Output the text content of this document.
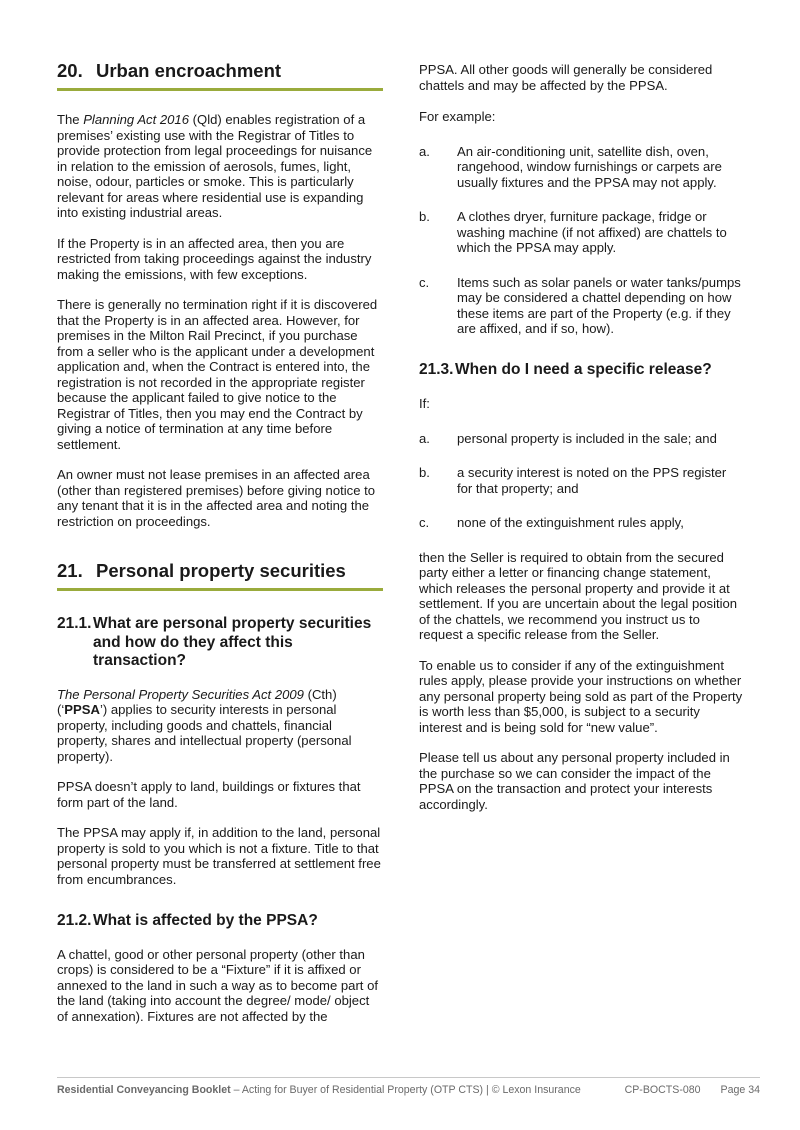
20. Urban encroachment

The Planning Act 2016 (Qld) enables registration of a premises’ existing use with the Registrar of Titles to provide protection from legal proceedings for nuisance in relation to the emission of aerosols, fumes, light, noise, odour, particles or smoke. This is particularly relevant for areas where residential use is expanding into existing industrial areas.

If the Property is in an affected area, then you are restricted from taking proceedings against the industry making the emissions, with few exceptions.

There is generally no termination right if it is discovered that the Property is in an affected area. However, for premises in the Milton Rail Precinct, if you purchase from a seller who is the applicant under a development application and, when the Contract is entered into, the registration is not recorded in the appropriate register because the applicant failed to give notice to the Registrar of Titles, then you may end the Contract by giving a notice of termination at any time before settlement.

An owner must not lease premises in an affected area (other than registered premises) before giving notice to any tenant that it is in the affected area and noting the restriction on proceedings.

21. Personal property securities
21.1. What are personal property securities and how do they affect this transaction?

The Personal Property Securities Act 2009 (Cth) (‘PPSA’) applies to security interests in personal property, including goods and chattels, financial property, shares and intellectual property (personal property).

PPSA doesn’t apply to land, buildings or fixtures that form part of the land.

The PPSA may apply if, in addition to the land, personal property is sold to you which is not a fixture. Title to that personal property must be transferred at settlement free from encumbrances.

21.2. What is affected by the PPSA?

A chattel, good or other personal property (other than crops) is considered to be a “Fixture” if it is affixed or annexed to the land in such a way as to become part of the land (taking into account the degree/ mode/ object of annexation). Fixtures are not affected by the

PPSA. All other goods will generally be considered chattels and may be affected by the PPSA.

For example:

a.	An air-conditioning unit, satellite dish, oven, rangehood, window furnishings or carpets are usually fixtures and the PPSA may not apply.
b.	A clothes dryer, furniture package, fridge or washing machine (if not affixed) are chattels to which the PPSA may apply.
c.	Items such as solar panels or water tanks/pumps may be considered a chattel depending on how these items are part of the Property (e.g. if they are affixed, and if so, how).
21.3. When do I need a specific release?

If:

a.	personal property is included in the sale; and
b.	a security interest is noted on the PPS register for that property; and
c.	none of the extinguishment rules apply,

then the Seller is required to obtain from the secured party either a letter or financing change statement, which releases the personal property and provide it at settlement. If you are uncertain about the legal position of the chattels, we recommend you instruct us to request a specific release from the Seller.

To enable us to consider if any of the extinguishment rules apply, please provide your instructions on whether any personal property being sold as part of the Property is worth less than $5,000, is subject to a security interest and is being sold for “new value”.

Please tell us about any personal property included in the purchase so we can consider the impact of the PPSA on the transaction and protect your interests accordingly.

Residential Conveyancing Booklet – Acting for Buyer of Residential Property (OTP CTS) | © Lexon Insurance	CP-BOCTS-080 Page 34
